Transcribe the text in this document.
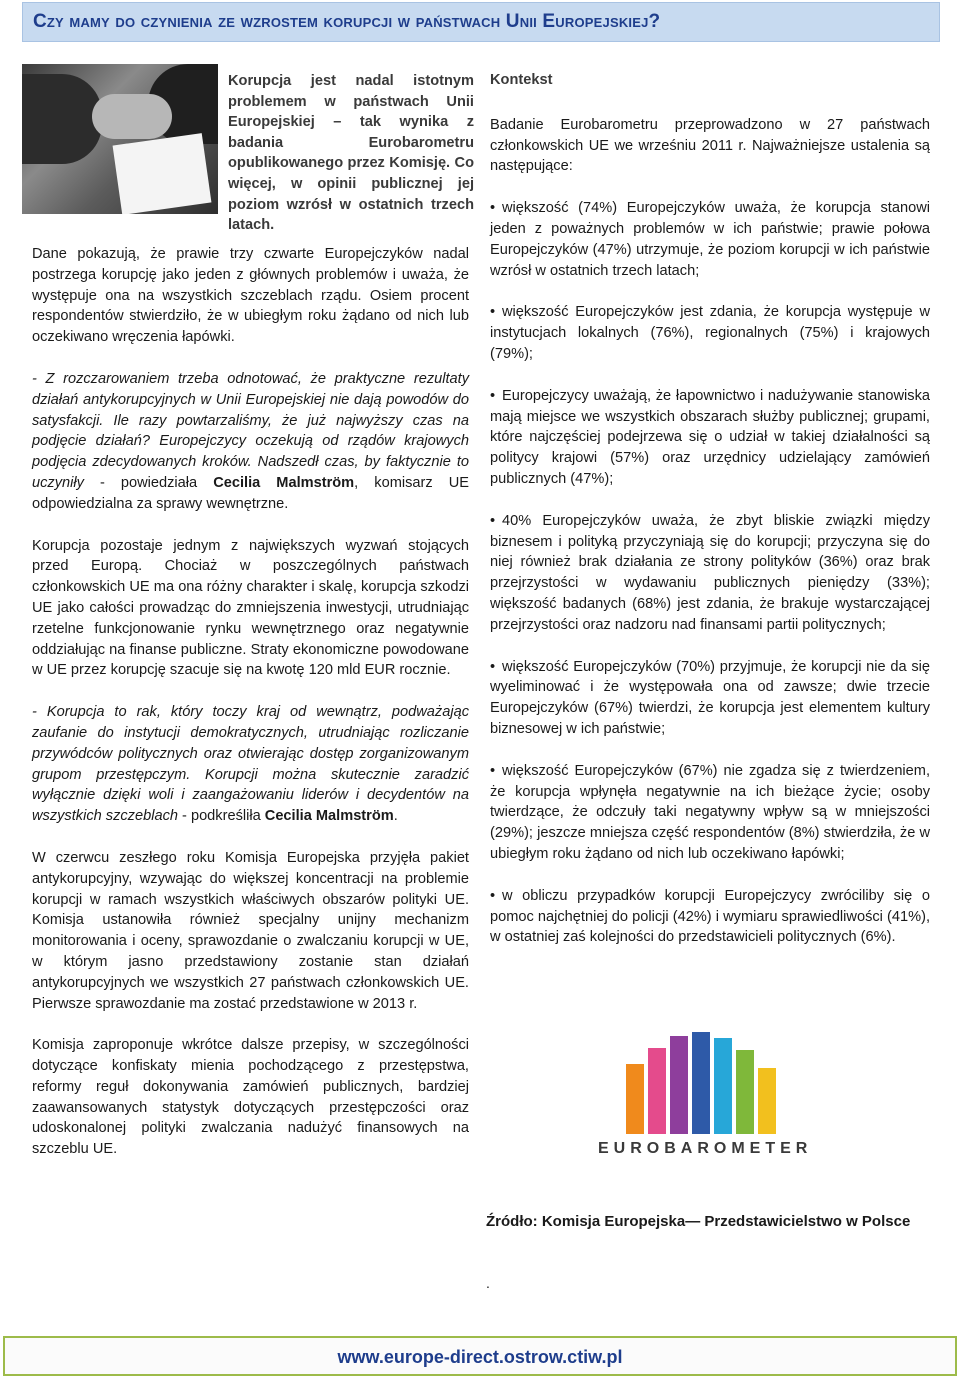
Czy mamy do czynienia ze wzrostem korupcji w państwach Unii Europejskiej?
Korupcja jest nadal istotnym problemem w państwach Unii Europejskiej – tak wynika z badania Eurobarometru opublikowanego przez Komisję. Co więcej, w opinii publicznej jej poziom wzrósł w ostatnich trzech latach.

Dane pokazują, że prawie trzy czwarte Europejczyków nadal postrzega korupcję jako jeden z głównych problemów i uważa, że występuje ona na wszystkich szczeblach rządu. Osiem procent respondentów stwierdziło, że w ubiegłym roku żądano od nich lub oczekiwano wręczenia łapówki.

- Z rozczarowaniem trzeba odnotować, że praktyczne rezultaty działań antykorupcyjnych w Unii Europejskiej nie dają powodów do satysfakcji. Ile razy powtarzaliśmy, że już najwyższy czas na podjęcie działań? Europejczycy oczekują od rządów krajowych podjęcia zdecydowanych kroków. Nadszedł czas, by faktycznie to uczyniły - powiedziała Cecilia Malmström, komisarz UE odpowiedzialna za sprawy wewnętrzne.

Korupcja pozostaje jednym z największych wyzwań stojących przed Europą. Chociaż w poszczególnych państwach członkowskich UE ma ona różny charakter i skalę, korupcja szkodzi UE jako całości prowadząc do zmniejszenia inwestycji, utrudniając rzetelne funkcjonowanie rynku wewnętrznego oraz negatywnie oddziałując na finanse publiczne. Straty ekonomiczne powodowane w UE przez korupcję szacuje się na kwotę 120 mld EUR rocznie.

- Korupcja to rak, który toczy kraj od wewnątrz, podważając zaufanie do instytucji demokratycznych, utrudniając rozliczanie przywódców politycznych oraz otwierając dostęp zorganizowanym grupom przestępczym. Korupcji można skutecznie zaradzić wyłącznie dzięki woli i zaangażowaniu liderów i decydentów na wszystkich szczeblach - podkreśliła Cecilia Malmström.

W czerwcu zeszłego roku Komisja Europejska przyjęła pakiet antykorupcyjny, wzywając do większej koncentracji na problemie korupcji w ramach wszystkich właściwych obszarów polityki UE. Komisja ustanowiła również specjalny unijny mechanizm monitorowania i oceny, sprawozdanie o zwalczaniu korupcji w UE, w którym jasno przedstawiony zostanie stan działań antykorupcyjnych we wszystkich 27 państwach członkowskich UE. Pierwsze sprawozdanie ma zostać przedstawione w 2013 r.

Komisja zaproponuje wkrótce dalsze przepisy, w szczególności dotyczące konfiskaty mienia pochodzącego z przestępstwa, reformy reguł dokonywania zamówień publicznych, bardziej zaawansowanych statystyk dotyczących przestępczości oraz udoskonalonej polityki zwalczania nadużyć finansowych na szczeblu UE.

Kontekst

Badanie Eurobarometru przeprowadzono w 27 państwach członkowskich UE we wrześniu 2011 r. Najważniejsze ustalenia są następujące:

• większość (74%) Europejczyków uważa, że korupcja stanowi jeden z poważnych problemów w ich państwie; prawie połowa Europejczyków (47%) utrzymuje, że poziom korupcji w ich państwie wzrósł w ostatnich trzech latach;
• większość Europejczyków jest zdania, że korupcja występuje w instytucjach lokalnych (76%), regionalnych (75%) i krajowych (79%);
• Europejczycy uważają, że łapownictwo i nadużywanie stanowiska mają miejsce we wszystkich obszarach służby publicznej; grupami, które najczęściej podejrzewa się o udział w takiej działalności są politycy krajowi (57%) oraz urzędnicy udzielający zamówień publicznych (47%);
• 40% Europejczyków uważa, że zbyt bliskie związki między biznesem i polityką przyczyniają się do korupcji; przyczyna się do niej również brak działania ze strony polityków (36%) oraz brak przejrzystości w wydawaniu publicznych pieniędzy (33%); większość badanych (68%) jest zdania, że brakuje wystarczającej przejrzystości oraz nadzoru nad finansami partii politycznych;
• większość Europejczyków (70%) przyjmuje, że korupcji nie da się wyeliminować i że występowała ona od zawsze; dwie trzecie Europejczyków (67%) twierdzi, że korupcja jest elementem kultury biznesowej w ich państwie;
• większość Europejczyków (67%) nie zgadza się z twierdzeniem, że korupcja wpłynęła negatywnie na ich bieżące życie; osoby twierdzące, że odczuły taki negatywny wpływ są w mniejszości (29%); jeszcze mniejsza część respondentów (8%) stwierdziła, że w ubiegłym roku żądano od nich lub oczekiwano łapówki;
• w obliczu przypadków korupcji Europejczycy zwróciliby się o pomoc najchętniej do policji (42%) i wymiaru sprawiedliwości (41%), w ostatniej zaś kolejności do przedstawicieli politycznych (6%).
EUROBAROMETER
Źródło: Komisja Europejska— Przedstawicielstwo w Polsce
.
www.europe-direct.ostrow.ctiw.pl
